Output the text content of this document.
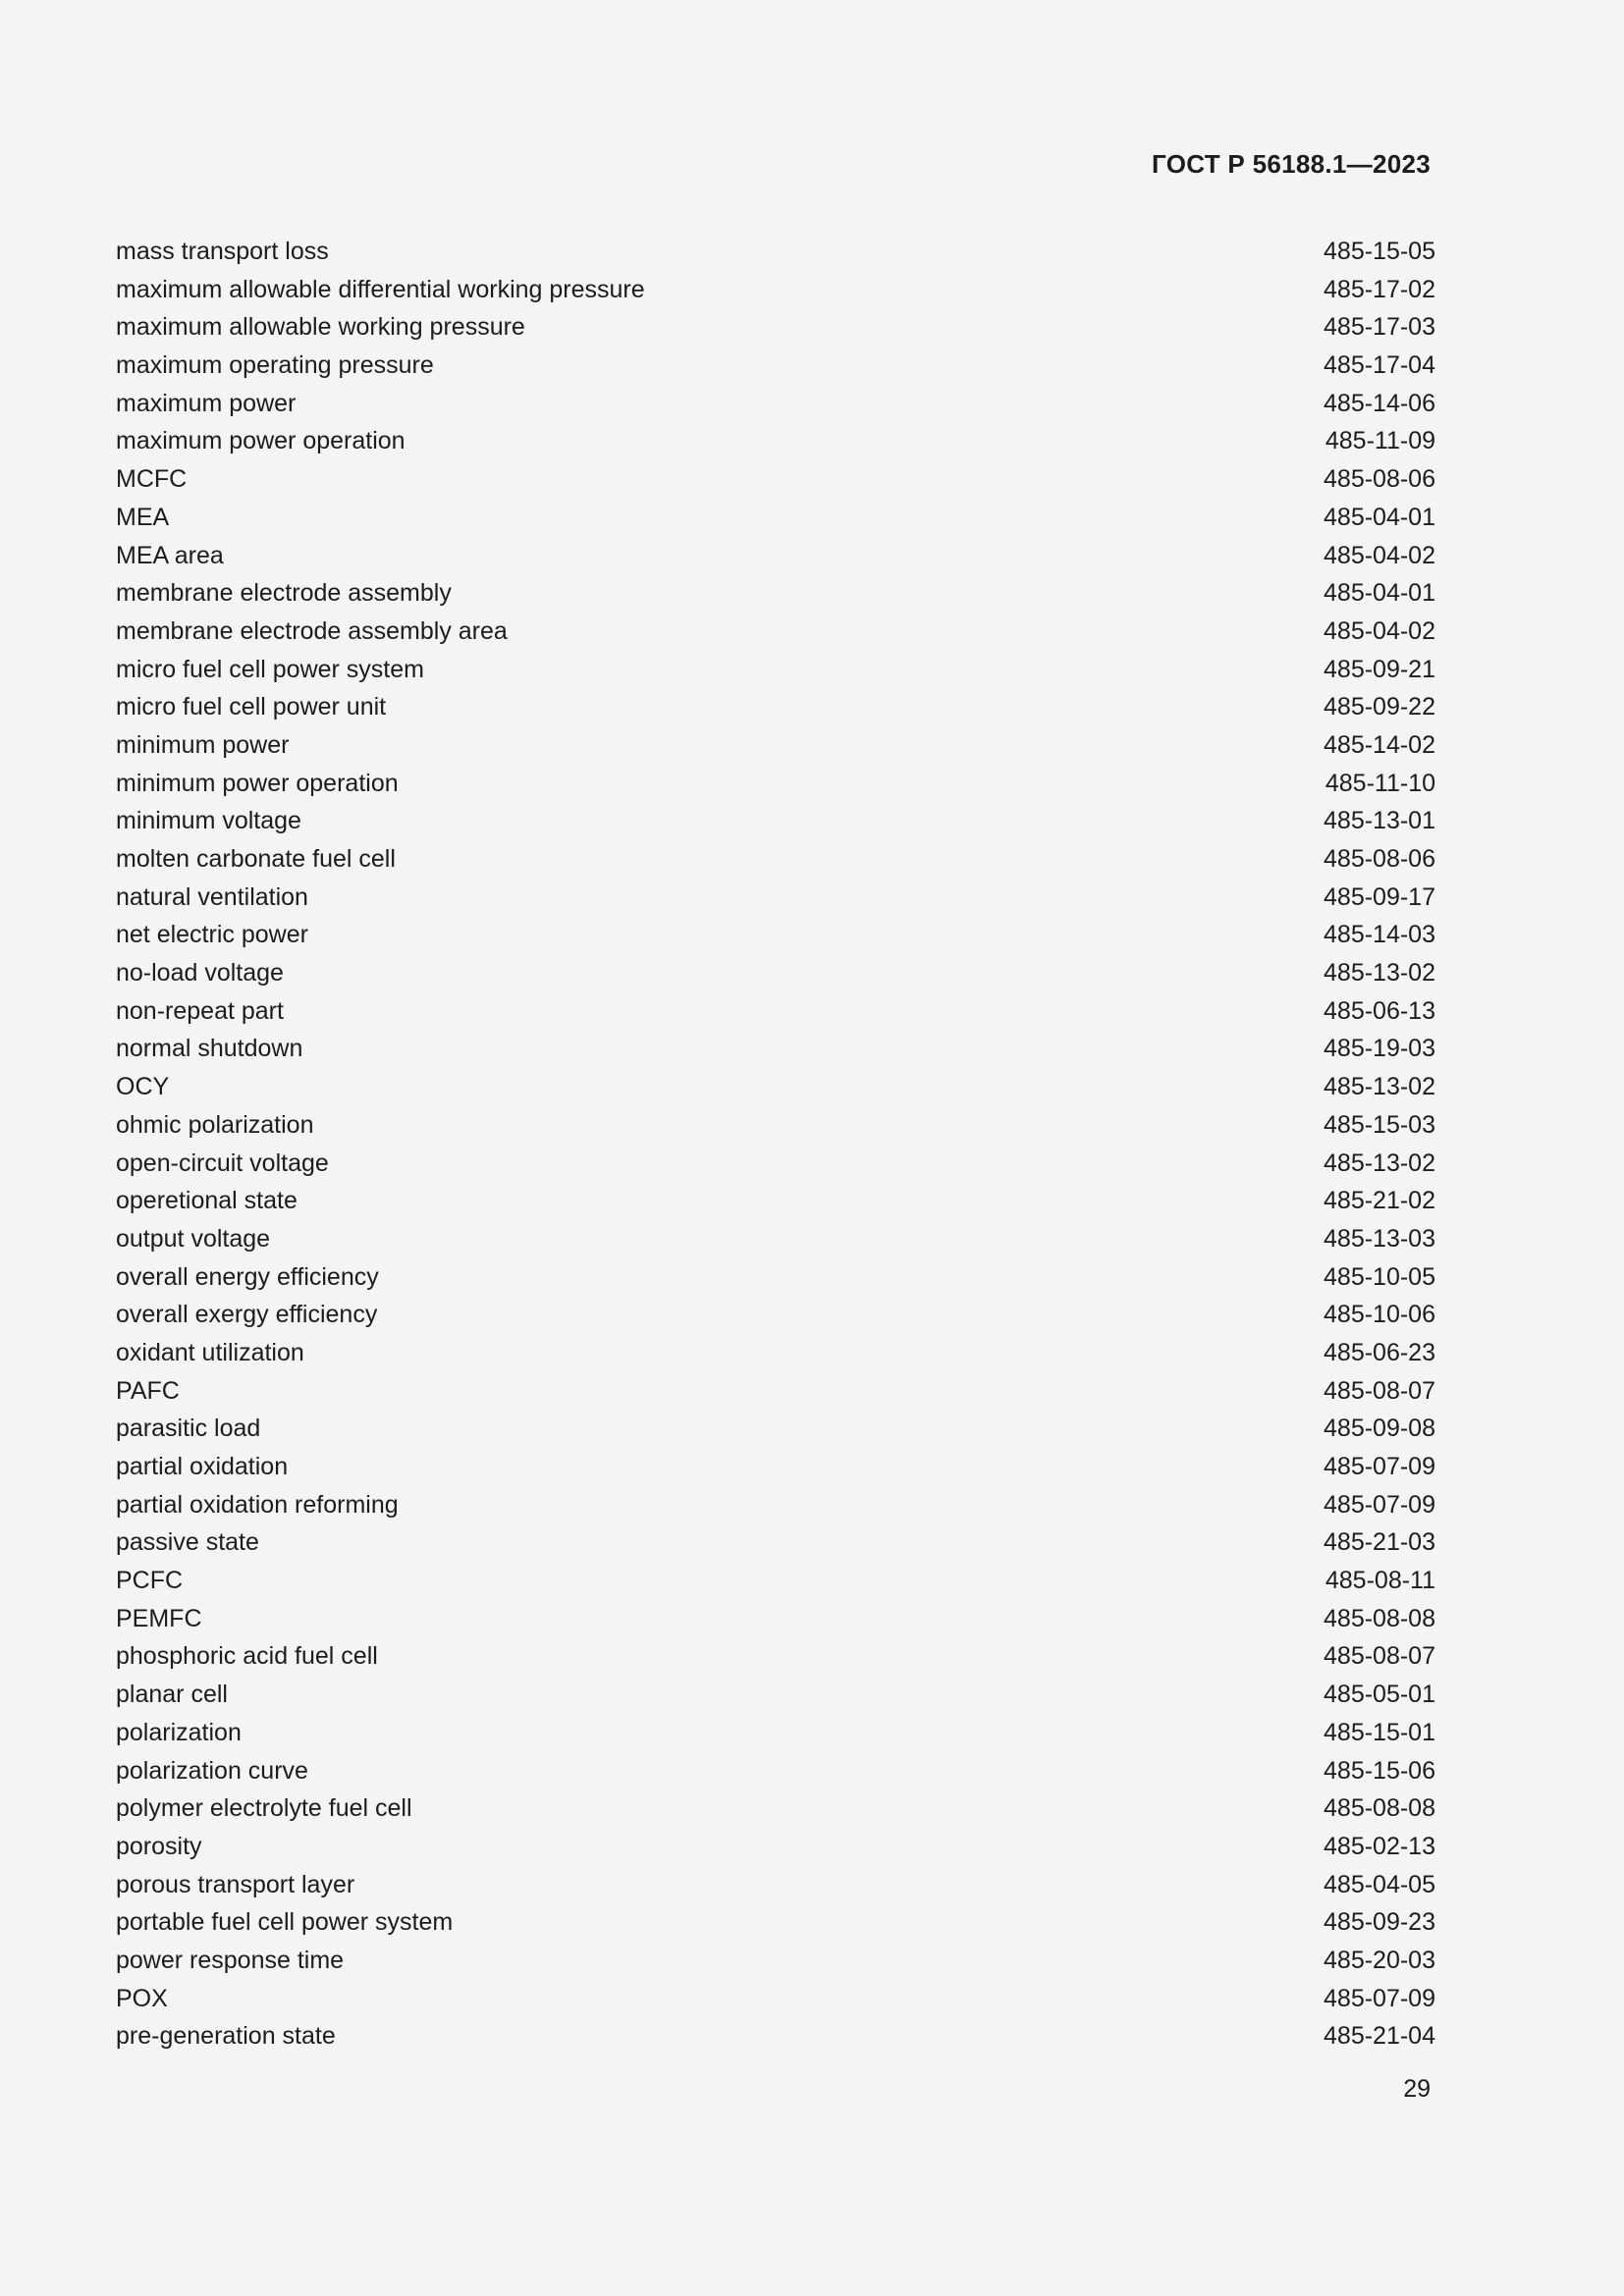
ГОСТ Р 56188.1—2023
mass transport loss	485-15-05
maximum allowable differential working pressure	485-17-02
maximum allowable working pressure	485-17-03
maximum operating pressure	485-17-04
maximum power	485-14-06
maximum power operation	485-11-09
MCFC	485-08-06
MEA	485-04-01
MEA area	485-04-02
membrane electrode assembly	485-04-01
membrane electrode assembly area	485-04-02
micro fuel cell power system	485-09-21
micro fuel cell power unit	485-09-22
minimum power	485-14-02
minimum power operation	485-11-10
minimum voltage	485-13-01
molten carbonate fuel cell	485-08-06
natural ventilation	485-09-17
net electric power	485-14-03
no-load voltage	485-13-02
non-repeat part	485-06-13
normal shutdown	485-19-03
OCY	485-13-02
ohmic polarization	485-15-03
open-circuit voltage	485-13-02
operetional state	485-21-02
output voltage	485-13-03
overall energy efficiency	485-10-05
overall exergy efficiency	485-10-06
oxidant utilization	485-06-23
PAFC	485-08-07
parasitic load	485-09-08
partial oxidation	485-07-09
partial oxidation reforming	485-07-09
passive state	485-21-03
PCFC	485-08-11
PEMFC	485-08-08
phosphoric acid fuel cell	485-08-07
planar cell	485-05-01
polarization	485-15-01
polarization curve	485-15-06
polymer electrolyte fuel cell	485-08-08
porosity	485-02-13
porous transport layer	485-04-05
portable fuel cell power system	485-09-23
power response time	485-20-03
POX	485-07-09
pre-generation state	485-21-04
29
